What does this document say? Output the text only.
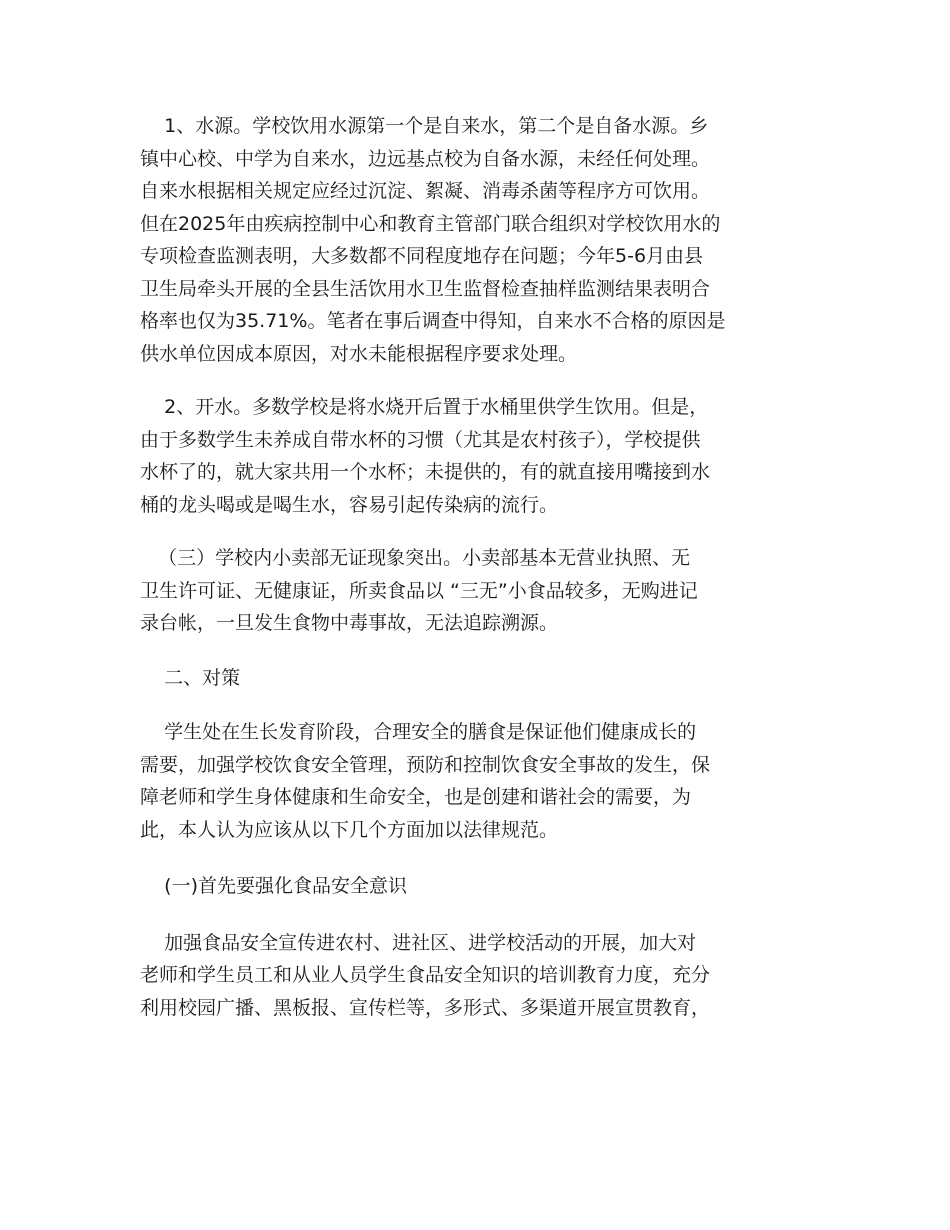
1、水源。学校饮用水源第一个是自来水，第二个是自备水源。乡
镇中心校、中学为自来水，边远基点校为自备水源，未经任何处理。
自来水根据相关规定应经过沉淀、絮凝、消毒杀菌等程序方可饮用。
但在2025年由疾病控制中心和教育主管部门联合组织对学校饮用水的
专项检查监测表明，大多数都不同程度地存在问题；今年5-6月由县
卫生局牵头开展的全县生活饮用水卫生监督检查抽样监测结果表明合
格率也仅为35.71%。笔者在事后调查中得知，自来水不合格的原因是
供水单位因成本原因，对水未能根据程序要求处理。
2、开水。多数学校是将水烧开后置于水桶里供学生饮用。但是，
由于多数学生未养成自带水杯的习惯（尤其是农村孩子），学校提供
水杯了的，就大家共用一个水杯；未提供的，有的就直接用嘴接到水
桶的龙头喝或是喝生水，容易引起传染病的流行。
（三）学校内小卖部无证现象突出。小卖部基本无营业执照、无
卫生许可证、无健康证，所卖食品以 “三无”小食品较多，无购进记
录台帐，一旦发生食物中毒事故，无法追踪溯源。
二、对策
学生处在生长发育阶段，合理安全的膳食是保证他们健康成长的
需要，加强学校饮食安全管理，预防和控制饮食安全事故的发生，保
障老师和学生身体健康和生命安全，也是创建和谐社会的需要，为
此，本人认为应该从以下几个方面加以法律规范。
(一)首先要强化食品安全意识
加强食品安全宣传进农村、进社区、进学校活动的开展，加大对
老师和学生员工和从业人员学生食品安全知识的培训教育力度，充分
利用校园广播、黑板报、宣传栏等，多形式、多渠道开展宣贯教育，
